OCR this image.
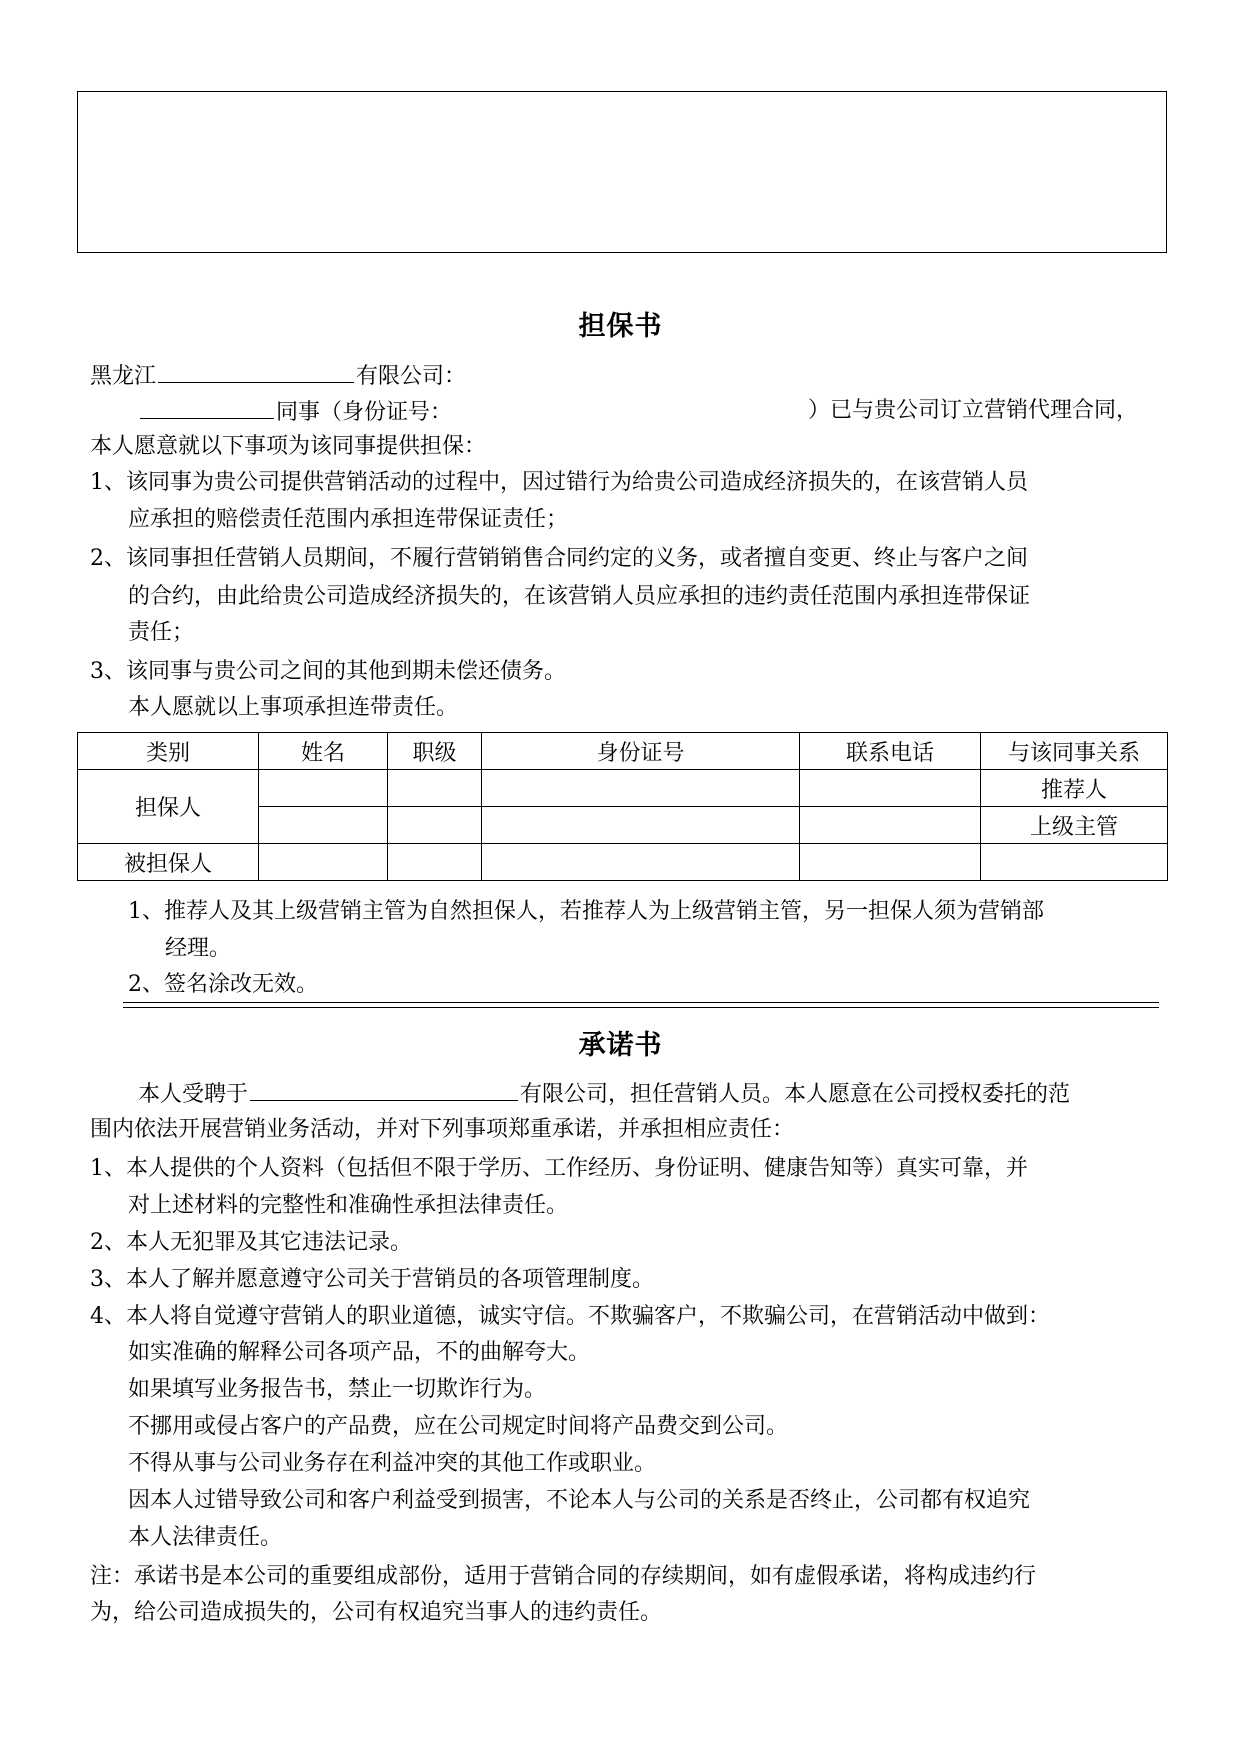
担保书
黑龙江	有限公司：
同事（身份证号：	）已与贵公司订立营销代理合同，
本人愿意就以下事项为该同事提供担保：
1、该同事为贵公司提供营销活动的过程中，因过错行为给贵公司造成经济损失的，在该营销人员
应承担的赔偿责任范围内承担连带保证责任；
2、该同事担任营销人员期间，不履行营销销售合同约定的义务，或者擅自变更、终止与客户之间
的合约，由此给贵公司造成经济损失的，在该营销人员应承担的违约责任范围内承担连带保证
责任；
3、该同事与贵公司之间的其他到期未偿还债务。
本人愿就以上事项承担连带责任。
类别	姓名	职级	身份证号	联系电话	与该同事关系
担保人					推荐人
					上级主管
被担保人					
1、推荐人及其上级营销主管为自然担保人，若推荐人为上级营销主管，另一担保人须为营销部
经理。
2、签名涂改无效。
承诺书
本人受聘于	有限公司，担任营销人员。本人愿意在公司授权委托的范
围内依法开展营销业务活动，并对下列事项郑重承诺，并承担相应责任：
1、本人提供的个人资料（包括但不限于学历、工作经历、身份证明、健康告知等）真实可靠，并
对上述材料的完整性和准确性承担法律责任。
2、本人无犯罪及其它违法记录。
3、本人了解并愿意遵守公司关于营销员的各项管理制度。
4、本人将自觉遵守营销人的职业道德，诚实守信。不欺骗客户，不欺骗公司，在营销活动中做到：
如实准确的解释公司各项产品，不的曲解夸大。
如果填写业务报告书，禁止一切欺诈行为。
不挪用或侵占客户的产品费，应在公司规定时间将产品费交到公司。
不得从事与公司业务存在利益冲突的其他工作或职业。
因本人过错导致公司和客户利益受到损害，不论本人与公司的关系是否终止，公司都有权追究
本人法律责任。
注：承诺书是本公司的重要组成部份，适用于营销合同的存续期间，如有虚假承诺，将构成违约行
为，给公司造成损失的，公司有权追究当事人的违约责任。
